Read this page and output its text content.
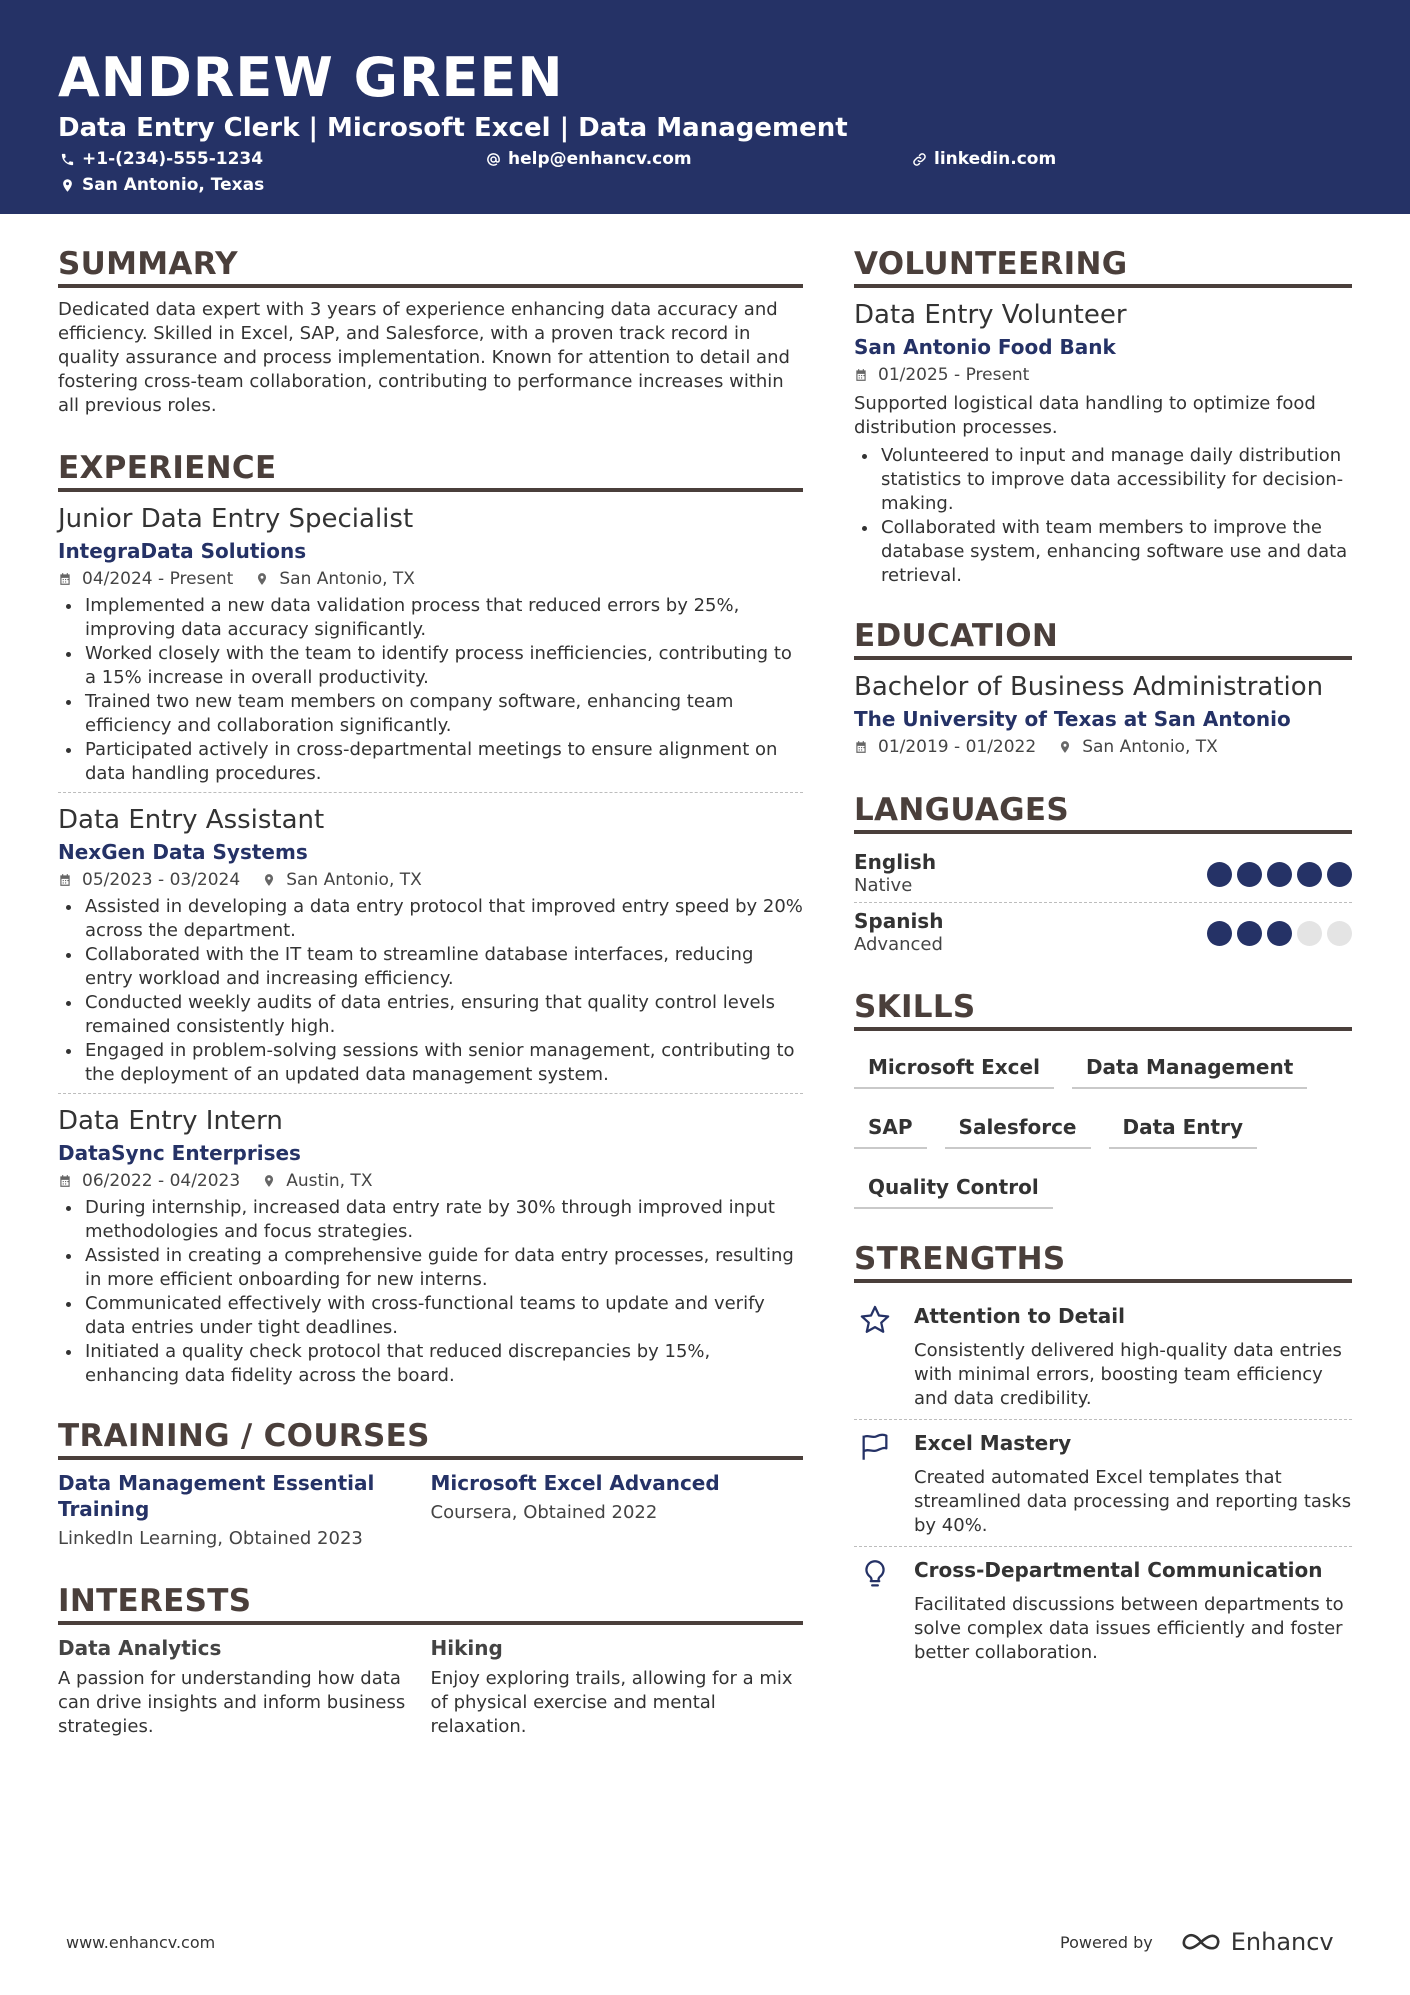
ANDREW GREEN
Data Entry Clerk | Microsoft Excel | Data Management
+1-(234)-555-1234	help@enhancv.com	linkedin.com
San Antonio, Texas
SUMMARY
Dedicated data expert with 3 years of experience enhancing data accuracy and efficiency. Skilled in Excel, SAP, and Salesforce, with a proven track record in quality assurance and process implementation. Known for attention to detail and fostering cross-team collaboration, contributing to performance increases within all previous roles.
EXPERIENCE
Junior Data Entry Specialist
IntegraData Solutions
04/2024 - Present	San Antonio, TX
Implemented a new data validation process that reduced errors by 25%, improving data accuracy significantly.
Worked closely with the team to identify process inefficiencies, contributing to a 15% increase in overall productivity.
Trained two new team members on company software, enhancing team efficiency and collaboration significantly.
Participated actively in cross-departmental meetings to ensure alignment on data handling procedures.
Data Entry Assistant
NexGen Data Systems
05/2023 - 03/2024	San Antonio, TX
Assisted in developing a data entry protocol that improved entry speed by 20% across the department.
Collaborated with the IT team to streamline database interfaces, reducing entry workload and increasing efficiency.
Conducted weekly audits of data entries, ensuring that quality control levels remained consistently high.
Engaged in problem-solving sessions with senior management, contributing to the deployment of an updated data management system.
Data Entry Intern
DataSync Enterprises
06/2022 - 04/2023	Austin, TX
During internship, increased data entry rate by 30% through improved input methodologies and focus strategies.
Assisted in creating a comprehensive guide for data entry processes, resulting in more efficient onboarding for new interns.
Communicated effectively with cross-functional teams to update and verify data entries under tight deadlines.
Initiated a quality check protocol that reduced discrepancies by 15%, enhancing data fidelity across the board.
TRAINING / COURSES
Data Management Essential Training
LinkedIn Learning, Obtained 2023
Microsoft Excel Advanced
Coursera, Obtained 2022
INTERESTS
Data Analytics
A passion for understanding how data can drive insights and inform business strategies.
Hiking
Enjoy exploring trails, allowing for a mix of physical exercise and mental relaxation.
VOLUNTEERING
Data Entry Volunteer
San Antonio Food Bank
01/2025 - Present
Supported logistical data handling to optimize food distribution processes.
Volunteered to input and manage daily distribution statistics to improve data accessibility for decision-making.
Collaborated with team members to improve the database system, enhancing software use and data retrieval.
EDUCATION
Bachelor of Business Administration
The University of Texas at San Antonio
01/2019 - 01/2022	San Antonio, TX
LANGUAGES
English
Native
Spanish
Advanced
SKILLS
Microsoft Excel	Data Management
SAP	Salesforce	Data Entry
Quality Control
STRENGTHS
Attention to Detail
Consistently delivered high-quality data entries with minimal errors, boosting team efficiency and data credibility.
Excel Mastery
Created automated Excel templates that streamlined data processing and reporting tasks by 40%.
Cross-Departmental Communication
Facilitated discussions between departments to solve complex data issues efficiently and foster better collaboration.
www.enhancv.com	Powered by	Enhancv
